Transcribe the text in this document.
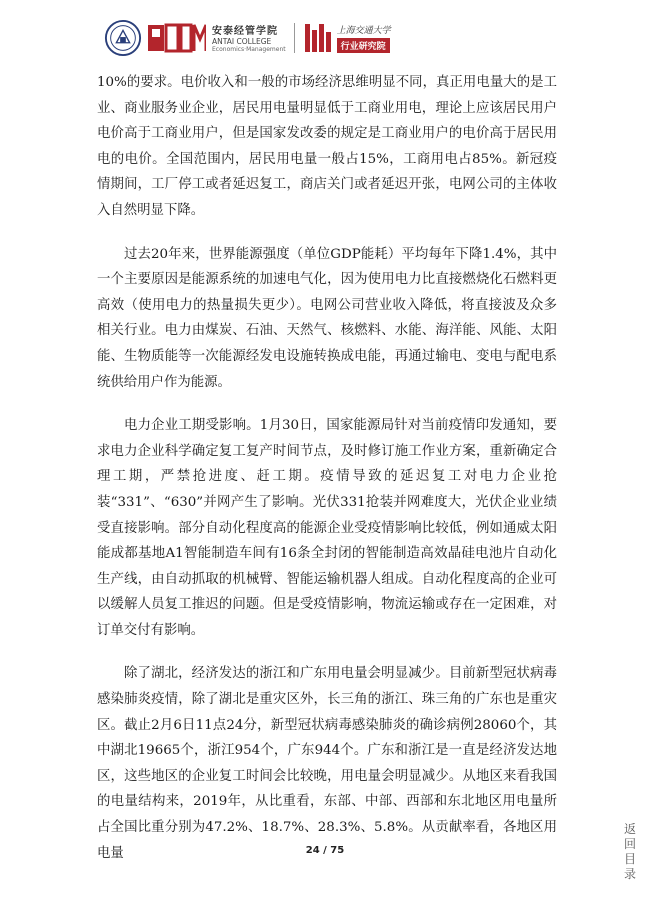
安泰经管学院
ANTAI COLLEGE
Economics·Management
上海交通大学
行业研究院

10%的要求。电价收入和一般的市场经济思维明显不同，真正用电量大的是工业、商业服务业企业，居民用电量明显低于工商业用电，理论上应该居民用户电价高于工商业用户，但是国家发改委的规定是工商业用户的电价高于居民用电的电价。全国范围内，居民用电量一般占15%，工商用电占85%。新冠疫情期间，工厂停工或者延迟复工，商店关门或者延迟开张，电网公司的主体收入自然明显下降。

过去20年来，世界能源强度（单位GDP能耗）平均每年下降1.4%，其中一个主要原因是能源系统的加速电气化，因为使用电力比直接燃烧化石燃料更高效（使用电力的热量损失更少）。电网公司营业收入降低，将直接波及众多相关行业。电力由煤炭、石油、天然气、核燃料、水能、海洋能、风能、太阳能、生物质能等一次能源经发电设施转换成电能，再通过输电、变电与配电系统供给用户作为能源。

电力企业工期受影响。1月30日，国家能源局针对当前疫情印发通知，要求电力企业科学确定复工复产时间节点，及时修订施工作业方案，重新确定合理工期，严禁抢进度、赶工期。疫情导致的延迟复工对电力企业抢装“331”、“630”并网产生了影响。光伏331抢装并网难度大，光伏企业业绩受直接影响。部分自动化程度高的能源企业受疫情影响比较低，例如通威太阳能成都基地A1智能制造车间有16条全封闭的智能制造高效晶硅电池片自动化生产线，由自动抓取的机械臂、智能运输机器人组成。自动化程度高的企业可以缓解人员复工推迟的问题。但是受疫情影响，物流运输或存在一定困难，对订单交付有影响。

除了湖北，经济发达的浙江和广东用电量会明显减少。目前新型冠状病毒感染肺炎疫情，除了湖北是重灾区外，长三角的浙江、珠三角的广东也是重灾区。截止2月6日11点24分，新型冠状病毒感染肺炎的确诊病例28060个，其中湖北19665个，浙江954个，广东944个。广东和浙江是一直是经济发达地区，这些地区的企业复工时间会比较晚，用电量会明显减少。从地区来看我国的电量结构来，2019年，从比重看，东部、中部、西部和东北地区用电量所占全国比重分别为47.2%、18.7%、28.3%、5.8%。从贡献率看，各地区用电量	24 / 75
返回目录
